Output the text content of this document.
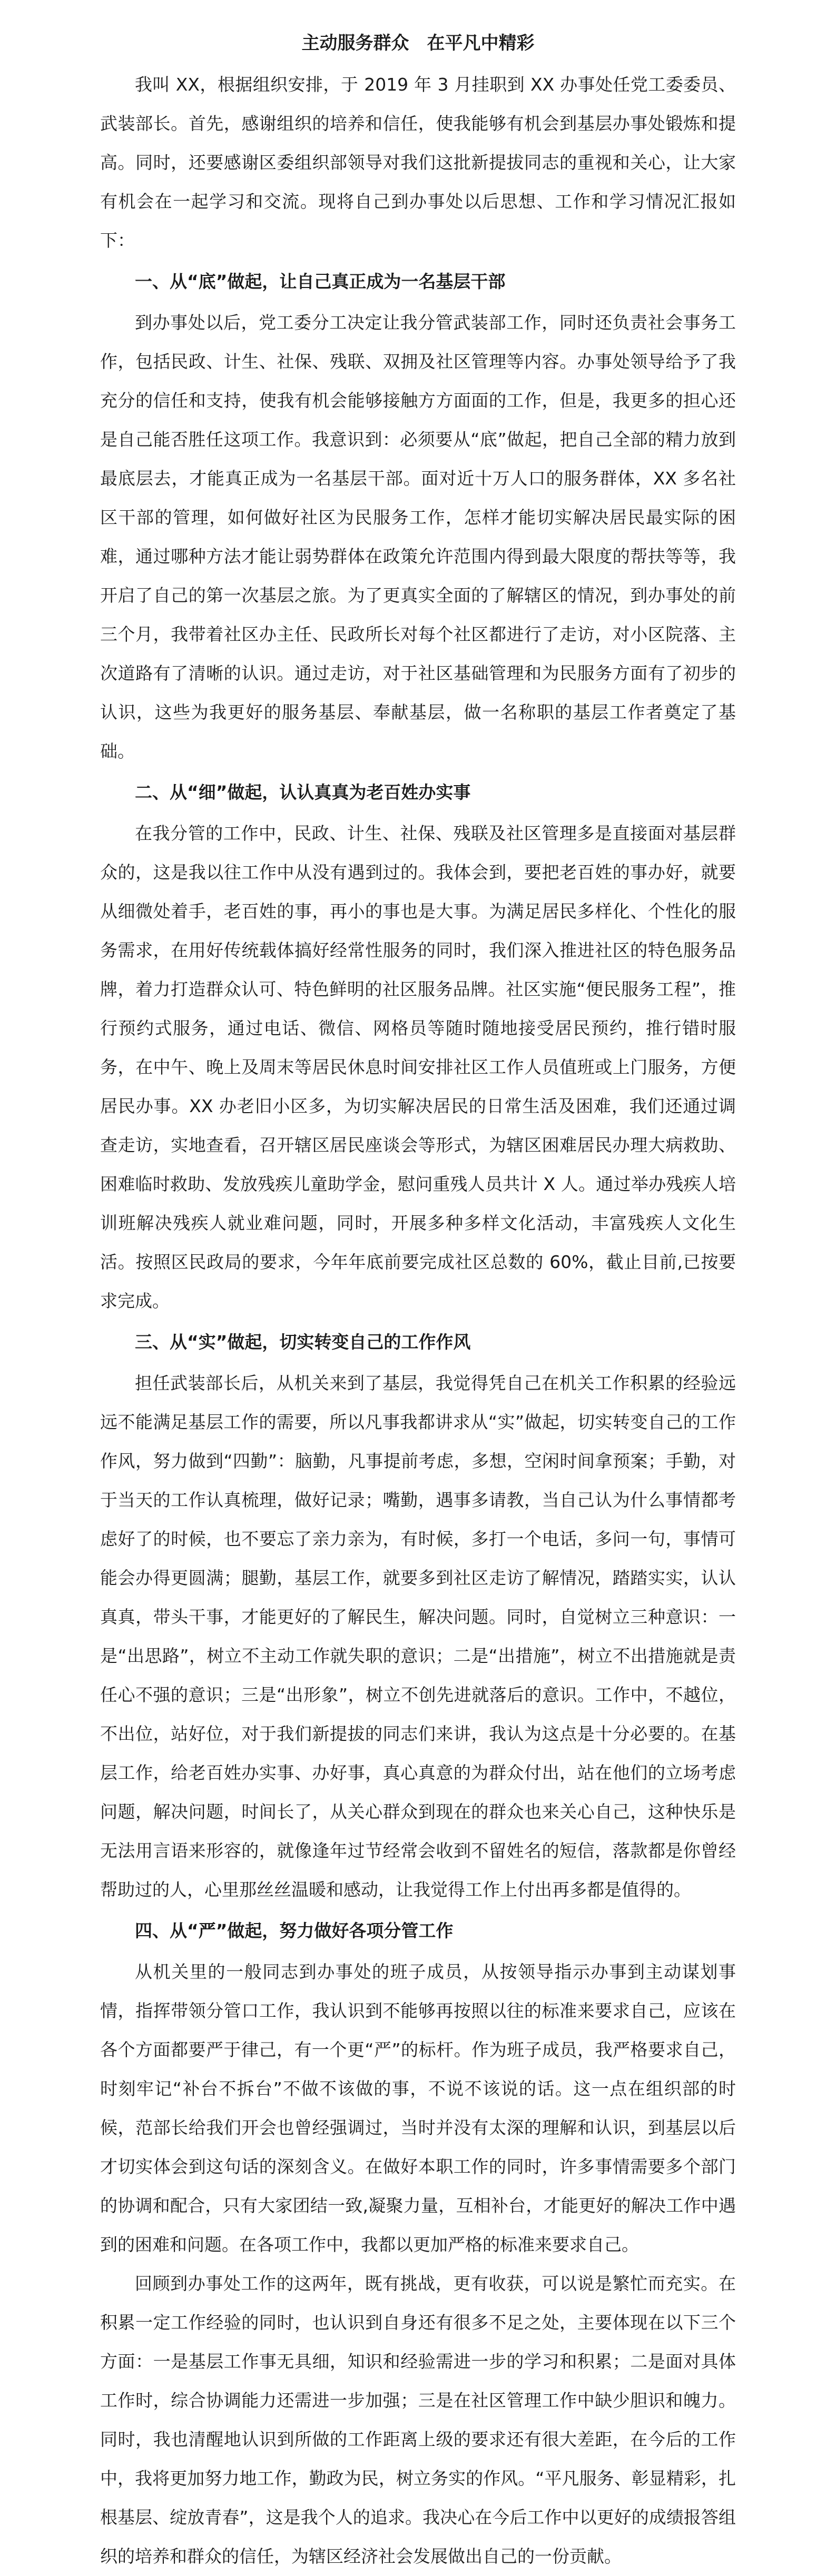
主动服务群众　在平凡中精彩

我叫 XX，根据组织安排，于 2019 年 3 月挂职到 XX 办事处任党工委委员、武装部长。首先，感谢组织的培养和信任，使我能够有机会到基层办事处锻炼和提高。同时，还要感谢区委组织部领导对我们这批新提拔同志的重视和关心，让大家有机会在一起学习和交流。现将自己到办事处以后思想、工作和学习情况汇报如下：

一、从“底”做起，让自己真正成为一名基层干部

到办事处以后，党工委分工决定让我分管武装部工作，同时还负责社会事务工作，包括民政、计生、社保、残联、双拥及社区管理等内容。办事处领导给予了我充分的信任和支持，使我有机会能够接触方方面面的工作，但是，我更多的担心还是自己能否胜任这项工作。我意识到：必须要从“底”做起，把自己全部的精力放到最底层去，才能真正成为一名基层干部。面对近十万人口的服务群体，XX 多名社区干部的管理，如何做好社区为民服务工作，怎样才能切实解决居民最实际的困难，通过哪种方法才能让弱势群体在政策允许范围内得到最大限度的帮扶等等，我开启了自己的第一次基层之旅。为了更真实全面的了解辖区的情况，到办事处的前三个月，我带着社区办主任、民政所长对每个社区都进行了走访，对小区院落、主次道路有了清晰的认识。通过走访，对于社区基础管理和为民服务方面有了初步的认识，这些为我更好的服务基层、奉献基层，做一名称职的基层工作者奠定了基础。

二、从“细”做起，认认真真为老百姓办实事

在我分管的工作中，民政、计生、社保、残联及社区管理多是直接面对基层群众的，这是我以往工作中从没有遇到过的。我体会到，要把老百姓的事办好，就要从细微处着手，老百姓的事，再小的事也是大事。为满足居民多样化、个性化的服务需求，在用好传统载体搞好经常性服务的同时，我们深入推进社区的特色服务品牌，着力打造群众认可、特色鲜明的社区服务品牌。社区实施“便民服务工程”，推行预约式服务，通过电话、微信、网格员等随时随地接受居民预约，推行错时服务，在中午、晚上及周末等居民休息时间安排社区工作人员值班或上门服务，方便居民办事。XX 办老旧小区多，为切实解决居民的日常生活及困难，我们还通过调查走访，实地查看，召开辖区居民座谈会等形式，为辖区困难居民办理大病救助、困难临时救助、发放残疾儿童助学金，慰问重残人员共计 X 人。通过举办残疾人培训班解决残疾人就业难问题，同时，开展多种多样文化活动，丰富残疾人文化生活。按照区民政局的要求，今年年底前要完成社区总数的 60%，截止目前,已按要求完成。

三、从“实”做起，切实转变自己的工作作风

担任武装部长后，从机关来到了基层，我觉得凭自己在机关工作积累的经验远远不能满足基层工作的需要，所以凡事我都讲求从“实”做起，切实转变自己的工作作风，努力做到“四勤”：脑勤，凡事提前考虑，多想，空闲时间拿预案；手勤，对于当天的工作认真梳理，做好记录；嘴勤，遇事多请教，当自己认为什么事情都考虑好了的时候，也不要忘了亲力亲为，有时候，多打一个电话，多问一句，事情可能会办得更圆满；腿勤，基层工作，就要多到社区走访了解情况，踏踏实实，认认真真，带头干事，才能更好的了解民生，解决问题。同时，自觉树立三种意识：一是“出思路”，树立不主动工作就失职的意识；二是“出措施”，树立不出措施就是责任心不强的意识；三是“出形象”，树立不创先进就落后的意识。工作中，不越位，不出位，站好位，对于我们新提拔的同志们来讲，我认为这点是十分必要的。在基层工作，给老百姓办实事、办好事，真心真意的为群众付出，站在他们的立场考虑问题，解决问题，时间长了，从关心群众到现在的群众也来关心自己，这种快乐是无法用言语来形容的，就像逢年过节经常会收到不留姓名的短信，落款都是你曾经帮助过的人，心里那丝丝温暖和感动，让我觉得工作上付出再多都是值得的。

四、从“严”做起，努力做好各项分管工作

从机关里的一般同志到办事处的班子成员，从按领导指示办事到主动谋划事情，指挥带领分管口工作，我认识到不能够再按照以往的标准来要求自己，应该在各个方面都要严于律己，有一个更“严”的标杆。作为班子成员，我严格要求自己，时刻牢记“补台不拆台”不做不该做的事，不说不该说的话。这一点在组织部的时候，范部长给我们开会也曾经强调过，当时并没有太深的理解和认识，到基层以后才切实体会到这句话的深刻含义。在做好本职工作的同时，许多事情需要多个部门的协调和配合，只有大家团结一致,凝聚力量，互相补台，才能更好的解决工作中遇到的困难和问题。在各项工作中，我都以更加严格的标准来要求自己。

回顾到办事处工作的这两年，既有挑战，更有收获，可以说是繁忙而充实。在积累一定工作经验的同时，也认识到自身还有很多不足之处，主要体现在以下三个方面：一是基层工作事无具细，知识和经验需进一步的学习和积累；二是面对具体工作时，综合协调能力还需进一步加强；三是在社区管理工作中缺少胆识和魄力。同时，我也清醒地认识到所做的工作距离上级的要求还有很大差距，在今后的工作中，我将更加努力地工作，勤政为民，树立务实的作风。“平凡服务、彰显精彩，扎根基层、绽放青春”，这是我个人的追求。我决心在今后工作中以更好的成绩报答组织的培养和群众的信任，为辖区经济社会发展做出自己的一份贡献。
